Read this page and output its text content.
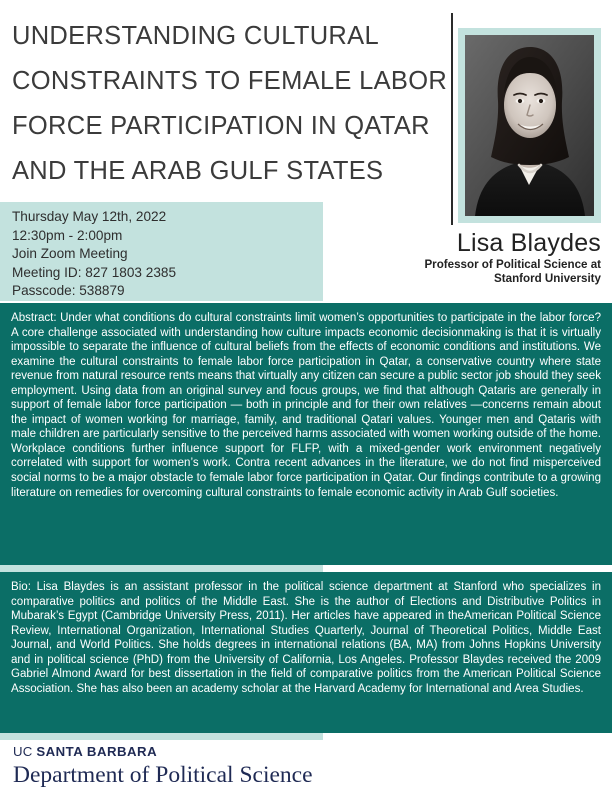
UNDERSTANDING CULTURAL
CONSTRAINTS TO FEMALE LABOR
FORCE PARTICIPATION IN QATAR
AND THE ARAB GULF STATES
Thursday May 12th, 2022
12:30pm - 2:00pm
Join Zoom Meeting
Meeting ID: 827 1803 2385
Passcode: 538879
Lisa Blaydes
Professor of Political Science at
Stanford University
Abstract: Under what conditions do cultural constraints limit women’s opportunities to participate in the labor force? A core challenge associated with understanding how culture impacts economic decisionmaking is that it is virtually impossible to separate the influence of cultural beliefs from the effects of economic conditions and institutions. We examine the cultural constraints to female labor force participation in Qatar, a conservative country where state revenue from natural resource rents means that virtually any citizen can secure a public sector job should they seek employment. Using data from an original survey and focus groups, we find that although Qataris are generally in support of female labor force participation — both in principle and for their own relatives —concerns remain about the impact of women working for marriage, family, and traditional Qatari values. Younger men and Qataris with male children are particularly sensitive to the perceived harms associated with women working outside of the home. Workplace conditions further influence support for FLFP, with a mixed-gender work environment negatively correlated with support for women’s work. Contra recent advances in the literature, we do not find misperceived social norms to be a major obstacle to female labor force participation in Qatar. Our findings contribute to a growing literature on remedies for overcoming cultural constraints to female economic activity in Arab Gulf societies.
Bio: Lisa Blaydes is an assistant professor in the political science department at Stanford who specializes in comparative politics and politics of the Middle East. She is the author of Elections and Distributive Politics in Mubarak’s Egypt (Cambridge University Press, 2011). Her articles have appeared in theAmerican Political Science Review, International Organization, International Studies Quarterly, Journal of Theoretical Politics, Middle East Journal, and World Politics. She holds degrees in international relations (BA, MA) from Johns Hopkins University and in political science (PhD) from the University of California, Los Angeles. Professor Blaydes received the 2009 Gabriel Almond Award for best dissertation in the field of comparative politics from the American Political Science Association. She has also been an academy scholar at the Harvard Academy for International and Area Studies.
UC SANTA BARBARA
Department of Political Science
